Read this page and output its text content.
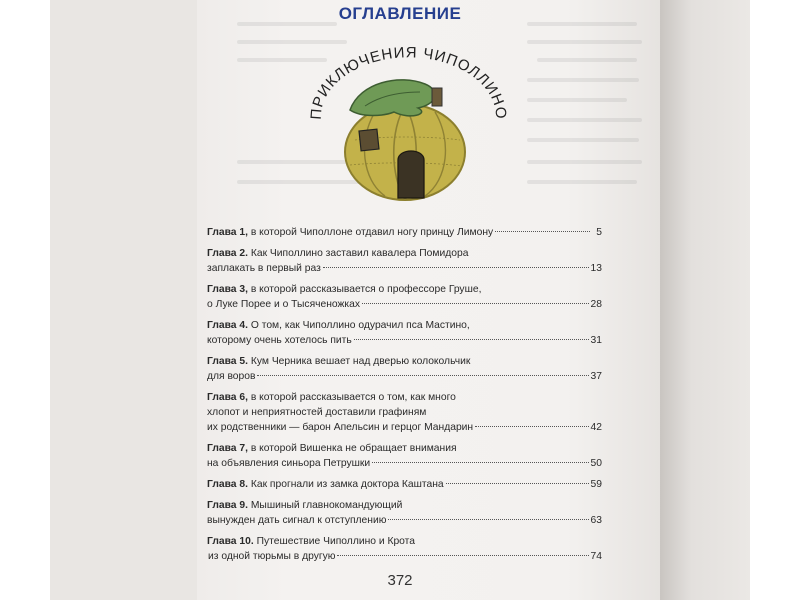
ОГЛАВЛЕНИЕ
ПРИКЛЮЧЕНИЯ ЧИПОЛЛИНО
Глава 1,
в которой Чиполлоне отдавил ногу принцу Лимону	5
Глава 2.
Как Чиполлино заставил кавалера Помидора
заплакать в первый раз	13
Глава 3,
в которой рассказывается о профессоре Груше,
о Луке Порее и о Тысяченожках	28
Глава 4.
О том, как Чиполлино одурачил пса Мастино,
которому очень хотелось пить	31
Глава 5.
Кум Черника вешает над дверью колокольчик
для воров	37
Глава 6,
в которой рассказывается о том, как много
хлопот и неприятностей доставили графиням
их родственники — барон Апельсин и герцог Мандарин	42
Глава 7,
в которой Вишенка не обращает внимания
на объявления синьора Петрушки	50
Глава 8.
Как прогнали из замка доктора Каштана	59
Глава 9.
Мышиный главнокомандующий
вынужден дать сигнал к отступлению	63
Глава 10.
Путешествие Чиполлино и Крота
из одной тюрьмы в другую	74
372
